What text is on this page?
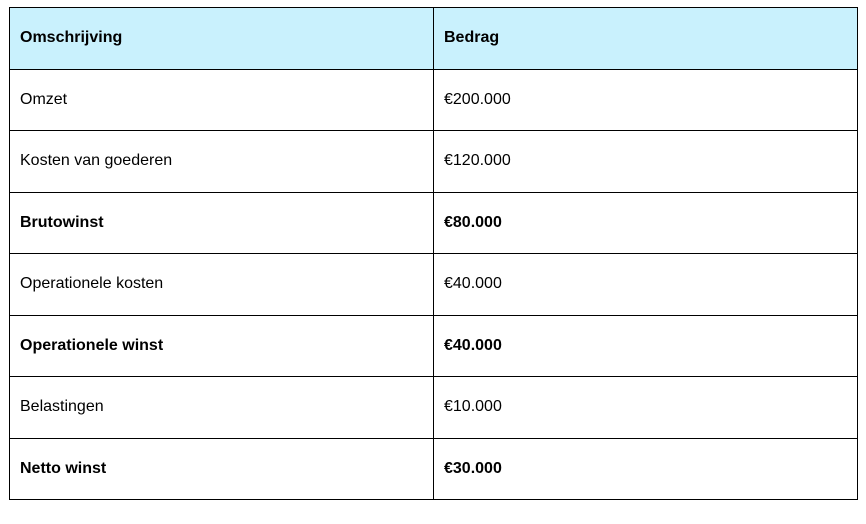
Omschrijving	Bedrag
Omzet	€200.000
Kosten van goederen	€120.000
Brutowinst	€80.000
Operationele kosten	€40.000
Operationele winst	€40.000
Belastingen	€10.000
Netto winst	€30.000
